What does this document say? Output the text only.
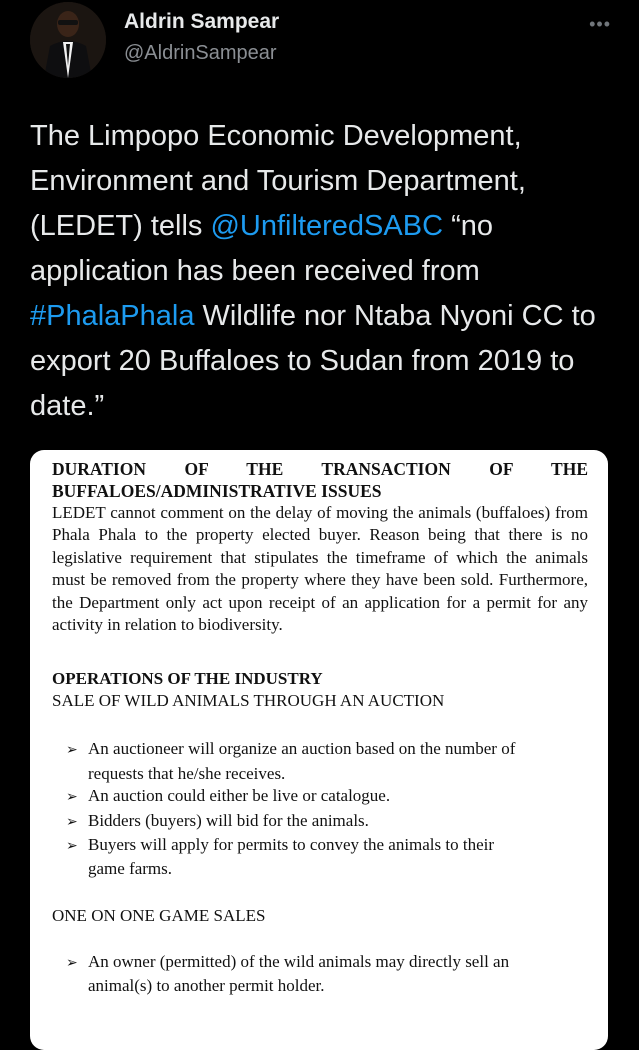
Aldrin Sampear
@AldrinSampear
•••

The Limpopo Economic Development, Environment and Tourism Department, (LEDET) tells @UnfilteredSABC “no application has been received from #PhalaPhala Wildlife nor Ntaba Nyoni CC to export 20 Buffaloes to Sudan from 2019 to date.”

DURATION OF THE TRANSACTION OF THE

BUFFALOES/ADMINISTRATIVE ISSUES

LEDET cannot comment on the delay of moving the animals (buffaloes) from Phala Phala to the property elected buyer. Reason being that there is no legislative requirement that stipulates the timeframe of which the animals must be removed from the property where they have been sold. Furthermore, the Department only act upon receipt of an application for a permit for any activity in relation to biodiversity.

OPERATIONS OF THE INDUSTRY

SALE OF WILD ANIMALS THROUGH AN AUCTION

➢ An auctioneer will organize an auction based on the number of requests that he/she receives.
➢ An auction could either be live or catalogue.
➢ Bidders (buyers) will bid for the animals.
➢ Buyers will apply for permits to convey the animals to their game farms.

ONE ON ONE GAME SALES

➢ An owner (permitted) of the wild animals may directly sell an animal(s) to another permit holder.
